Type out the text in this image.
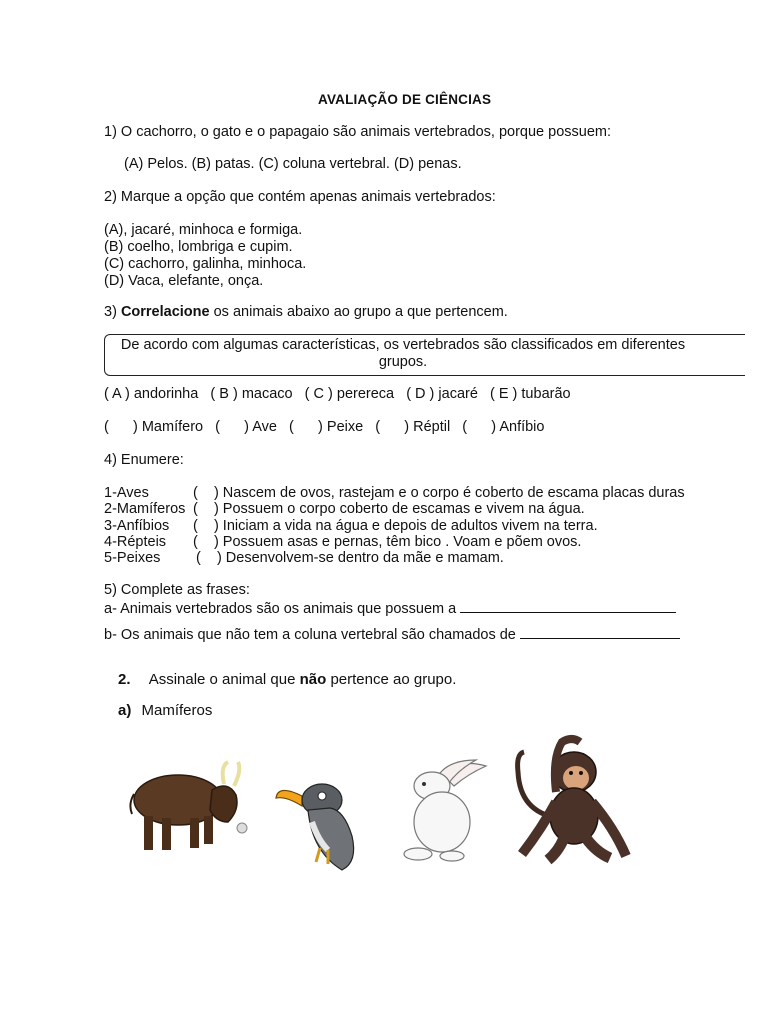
AVALIAÇÃO DE CIÊNCIAS
1) O cachorro, o gato e o papagaio são animais vertebrados, porque possuem:
(A) Pelos. (B) patas. (C) coluna vertebral. (D) penas.
2) Marque a opção que contém apenas animais vertebrados:
(A), jacaré, minhoca e formiga.
(B) coelho, lombriga e cupim.
(C) cachorro, galinha, minhoca.
(D) Vaca, elefante, onça.
3) Correlacione os animais abaixo ao grupo a que pertencem.
De acordo com algumas características, os vertebrados são classificados em diferentes
grupos.
( A ) andorinha   ( B ) macaco   ( C ) perereca   ( D ) jacaré   ( E ) tubarão
(      ) Mamífero   (      ) Ave   (      ) Peixe   (      ) Réptil   (      ) Anfíbio
4) Enumere:
1-Aves
2-Mamíferos
3-Anfíbios
4-Répteis
5-Peixes
(    ) Nascem de ovos, rastejam e o corpo é coberto de escama placas duras
(    ) Possuem o corpo coberto de escamas e vivem na água.
(    ) Iniciam a vida na água e depois de adultos vivem na terra.
(    ) Possuem asas e pernas, têm bico . Voam e põem ovos.
(    ) Desenvolvem-se dentro da mãe e mamam.
5) Complete as frases:
a- Animais vertebrados são os animais que possuem a
b- Os animais que não tem a coluna vertebral são chamados de
2. Assinale o animal que não pertence ao grupo.
a) Mamíferos
